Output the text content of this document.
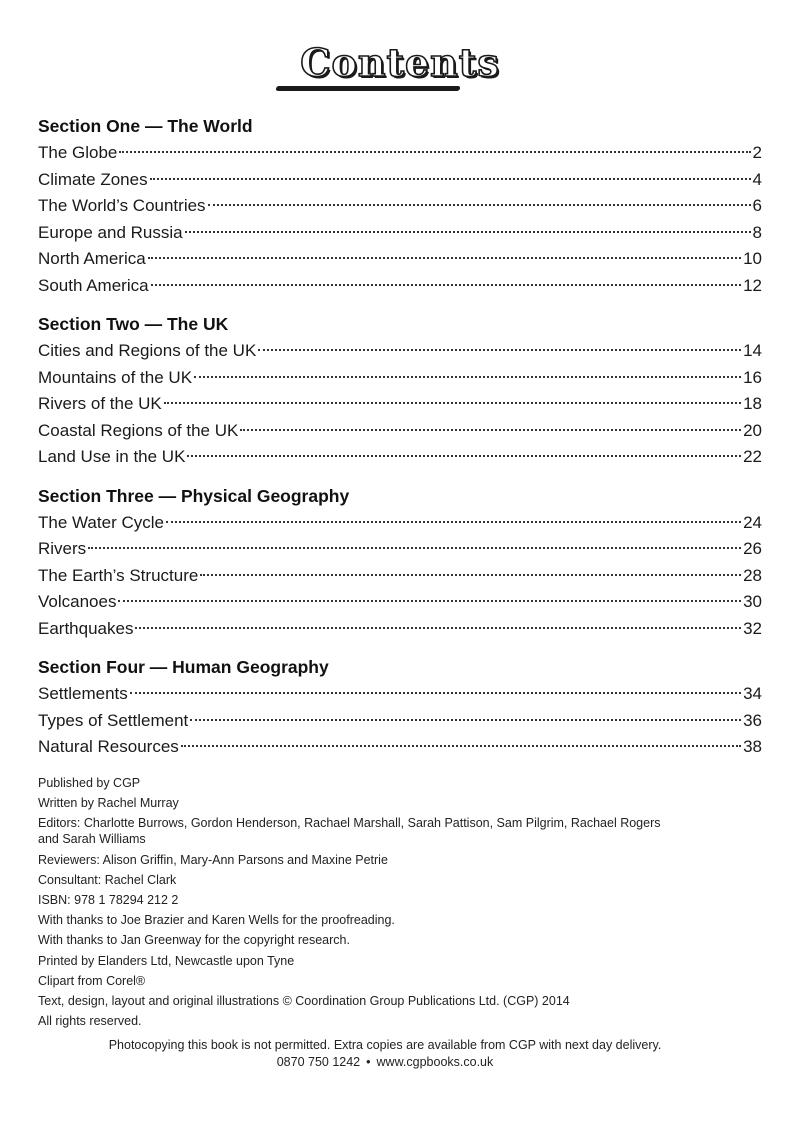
Contents
Section One — The World
The Globe	2
Climate Zones	4
The World’s Countries	6
Europe and Russia	8
North America	10
South America	12
Section Two — The UK
Cities and Regions of the UK	14
Mountains of the UK	16
Rivers of the UK	18
Coastal Regions of the UK	20
Land Use in the UK	22
Section Three — Physical Geography
The Water Cycle	24
Rivers	26
The Earth’s Structure	28
Volcanoes	30
Earthquakes	32
Section Four — Human Geography
Settlements	34
Types of Settlement	36
Natural Resources	38
Published by CGP
Written by Rachel Murray
Editors: Charlotte Burrows, Gordon Henderson, Rachael Marshall, Sarah Pattison, Sam Pilgrim, Rachael Rogers and Sarah Williams
Reviewers: Alison Griffin, Mary-Ann Parsons and Maxine Petrie
Consultant: Rachel Clark
ISBN: 978 1 78294 212 2
With thanks to Joe Brazier and Karen Wells for the proofreading.
With thanks to Jan Greenway for the copyright research.
Printed by Elanders Ltd, Newcastle upon Tyne
Clipart from Corel®
Text, design, layout and original illustrations © Coordination Group Publications Ltd. (CGP) 2014
All rights reserved.
Photocopying this book is not permitted. Extra copies are available from CGP with next day delivery.
0870 750 1242 • www.cgpbooks.co.uk
